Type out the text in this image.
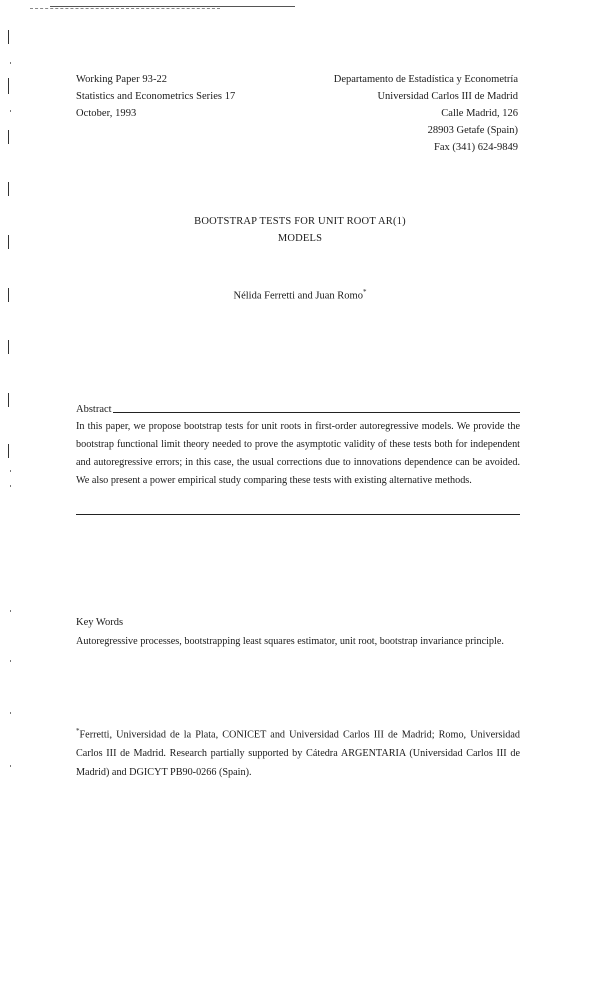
Working Paper 93-22
Statistics and Econometrics Series 17
October, 1993
Departamento de Estadística y Econometría
Universidad Carlos III de Madrid
Calle Madrid, 126
28903 Getafe (Spain)
Fax (341) 624-9849
BOOTSTRAP TESTS FOR UNIT ROOT AR(1)
MODELS
Nélida Ferretti and Juan Romo*
Abstract
In this paper, we propose bootstrap tests for unit roots in first-order autoregressive models. We provide the bootstrap functional limit theory needed to prove the asymptotic validity of these tests both for independent and autoregressive errors; in this case, the usual corrections due to innovations dependence can be avoided. We also present a power empirical study comparing these tests with existing alternative methods.
Key Words
Autoregressive processes, bootstrapping least squares estimator, unit root, bootstrap invariance principle.
*Ferretti, Universidad de la Plata, CONICET and Universidad Carlos III de Madrid; Romo, Universidad Carlos III de Madrid. Research partially supported by Cátedra ARGENTARIA (Universidad Carlos III de Madrid) and DGICYT PB90-0266 (Spain).
